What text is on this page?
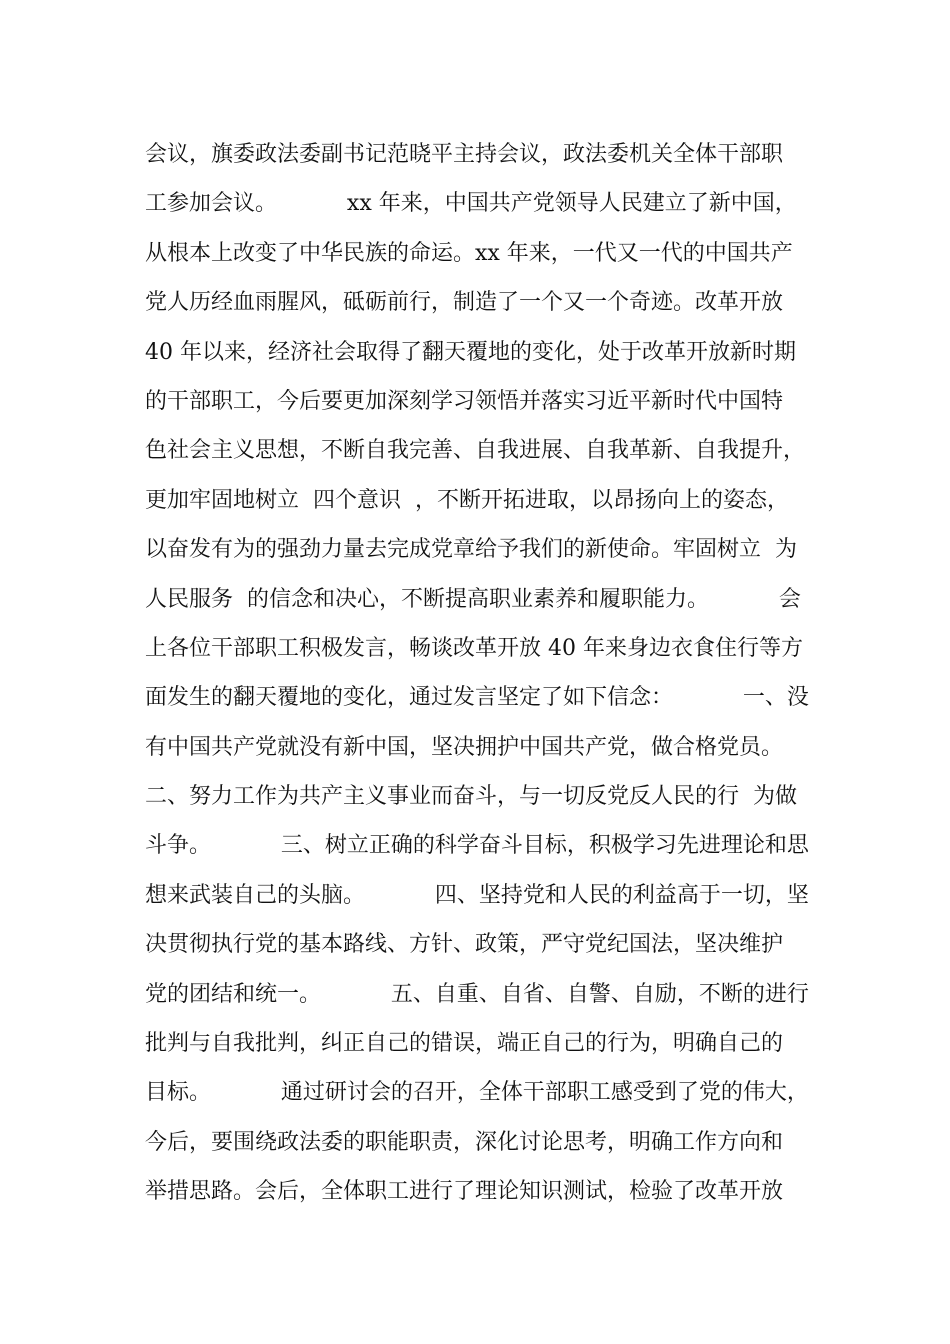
会议，旗委政法委副书记范晓平主持会议，政法委机关全体干部职
工参加会议。          xx 年来，中国共产党领导人民建立了新中国，
从根本上改变了中华民族的命运。xx 年来，一代又一代的中国共产
党人历经血雨腥风，砥砺前行，制造了一个又一个奇迹。改革开放
40 年以来，经济社会取得了翻天覆地的变化，处于改革开放新时期
的干部职工，今后要更加深刻学习领悟并落实习近平新时代中国特
色社会主义思想，不断自我完善、自我进展、自我革新、自我提升，
更加牢固地树立  四个意识  ，不断开拓进取，以昂扬向上的姿态，
以奋发有为的强劲力量去完成党章给予我们的新使命。牢固树立  为
人民服务  的信念和决心，不断提高职业素养和履职能力。          会
上各位干部职工积极发言，畅谈改革开放 40 年来身边衣食住行等方
面发生的翻天覆地的变化，通过发言坚定了如下信念：          一、没
有中国共产党就没有新中国，坚决拥护中国共产党，做合格党员。
二、努力工作为共产主义事业而奋斗，与一切反党反人民的行  为做
斗争。          三、树立正确的科学奋斗目标，积极学习先进理论和思
想来武装自己的头脑。          四、坚持党和人民的利益高于一切，坚
决贯彻执行党的基本路线、方针、政策，严守党纪国法，坚决维护
党的团结和统一。          五、自重、自省、自警、自励，不断的进行
批判与自我批判，纠正自己的错误，端正自己的行为，明确自己的
目标。          通过研讨会的召开，全体干部职工感受到了党的伟大，
今后，要围绕政法委的职能职责，深化讨论思考，明确工作方向和
举措思路。会后，全体职工进行了理论知识测试，检验了改革开放
